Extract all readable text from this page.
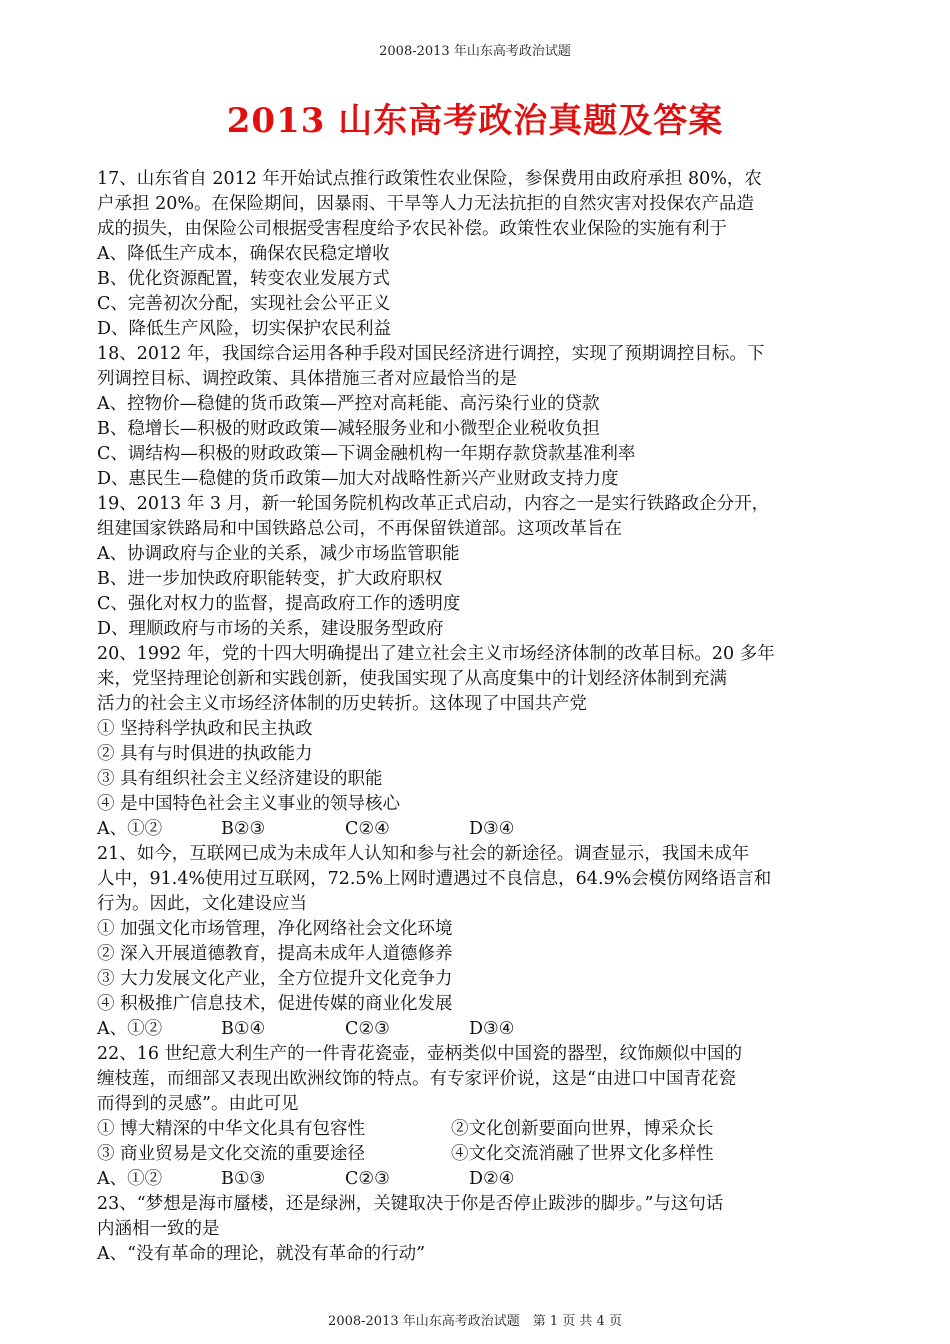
2008-2013 年山东高考政治试题
2013 山东高考政治真题及答案
17、山东省自 2012 年开始试点推行政策性农业保险，参保费用由政府承担 80%，农
户承担 20%。在保险期间，因暴雨、干旱等人力无法抗拒的自然灾害对投保农产品造
成的损失，由保险公司根据受害程度给予农民补偿。政策性农业保险的实施有利于
A、降低生产成本，确保农民稳定增收
B、优化资源配置，转变农业发展方式
C、完善初次分配，实现社会公平正义
D、降低生产风险，切实保护农民利益
18、2012 年，我国综合运用各种手段对国民经济进行调控，实现了预期调控目标。下
列调控目标、调控政策、具体措施三者对应最恰当的是
A、控物价—稳健的货币政策—严控对高耗能、高污染行业的贷款
B、稳增长—积极的财政政策—减轻服务业和小微型企业税收负担
C、调结构—积极的财政政策—下调金融机构一年期存款贷款基准利率
D、惠民生—稳健的货币政策—加大对战略性新兴产业财政支持力度
19、2013 年 3 月，新一轮国务院机构改革正式启动，内容之一是实行铁路政企分开，
组建国家铁路局和中国铁路总公司，不再保留铁道部。这项改革旨在
A、协调政府与企业的关系，减少市场监管职能
B、进一步加快政府职能转变，扩大政府职权
C、强化对权力的监督，提高政府工作的透明度
D、理顺政府与市场的关系，建设服务型政府
20、1992 年，党的十四大明确提出了建立社会主义市场经济体制的改革目标。20 多年
来，党坚持理论创新和实践创新，使我国实现了从高度集中的计划经济体制到充满
活力的社会主义市场经济体制的历史转折。这体现了中国共产党
① 坚持科学执政和民主执政
② 具有与时俱进的执政能力
③ 具有组织社会主义经济建设的职能
④ 是中国特色社会主义事业的领导核心
A、①②	B②③	C②④	D③④
21、如今，互联网已成为未成年人认知和参与社会的新途径。调查显示，我国未成年
人中，91.4%使用过互联网，72.5%上网时遭遇过不良信息，64.9%会模仿网络语言和
行为。因此，文化建设应当
① 加强文化市场管理，净化网络社会文化环境
② 深入开展道德教育，提高未成年人道德修养
③ 大力发展文化产业，全方位提升文化竞争力
④ 积极推广信息技术，促进传媒的商业化发展
A、①②	B①④	C②③	D③④
22、16 世纪意大利生产的一件青花瓷壶，壶柄类似中国瓷的器型，纹饰颇似中国的
缠枝莲，而细部又表现出欧洲纹饰的特点。有专家评价说，这是“由进口中国青花瓷
而得到的灵感”。由此可见
① 博大精深的中华文化具有包容性	②文化创新要面向世界，博采众长
③ 商业贸易是文化交流的重要途径	④文化交流消融了世界文化多样性
A、①②	B①③	C②③	D②④
23、“梦想是海市蜃楼，还是绿洲，关键取决于你是否停止跋涉的脚步。”与这句话
内涵相一致的是
A、“没有革命的理论，就没有革命的行动”
2008-2013 年山东高考政治试题　第 1 页 共 4 页
